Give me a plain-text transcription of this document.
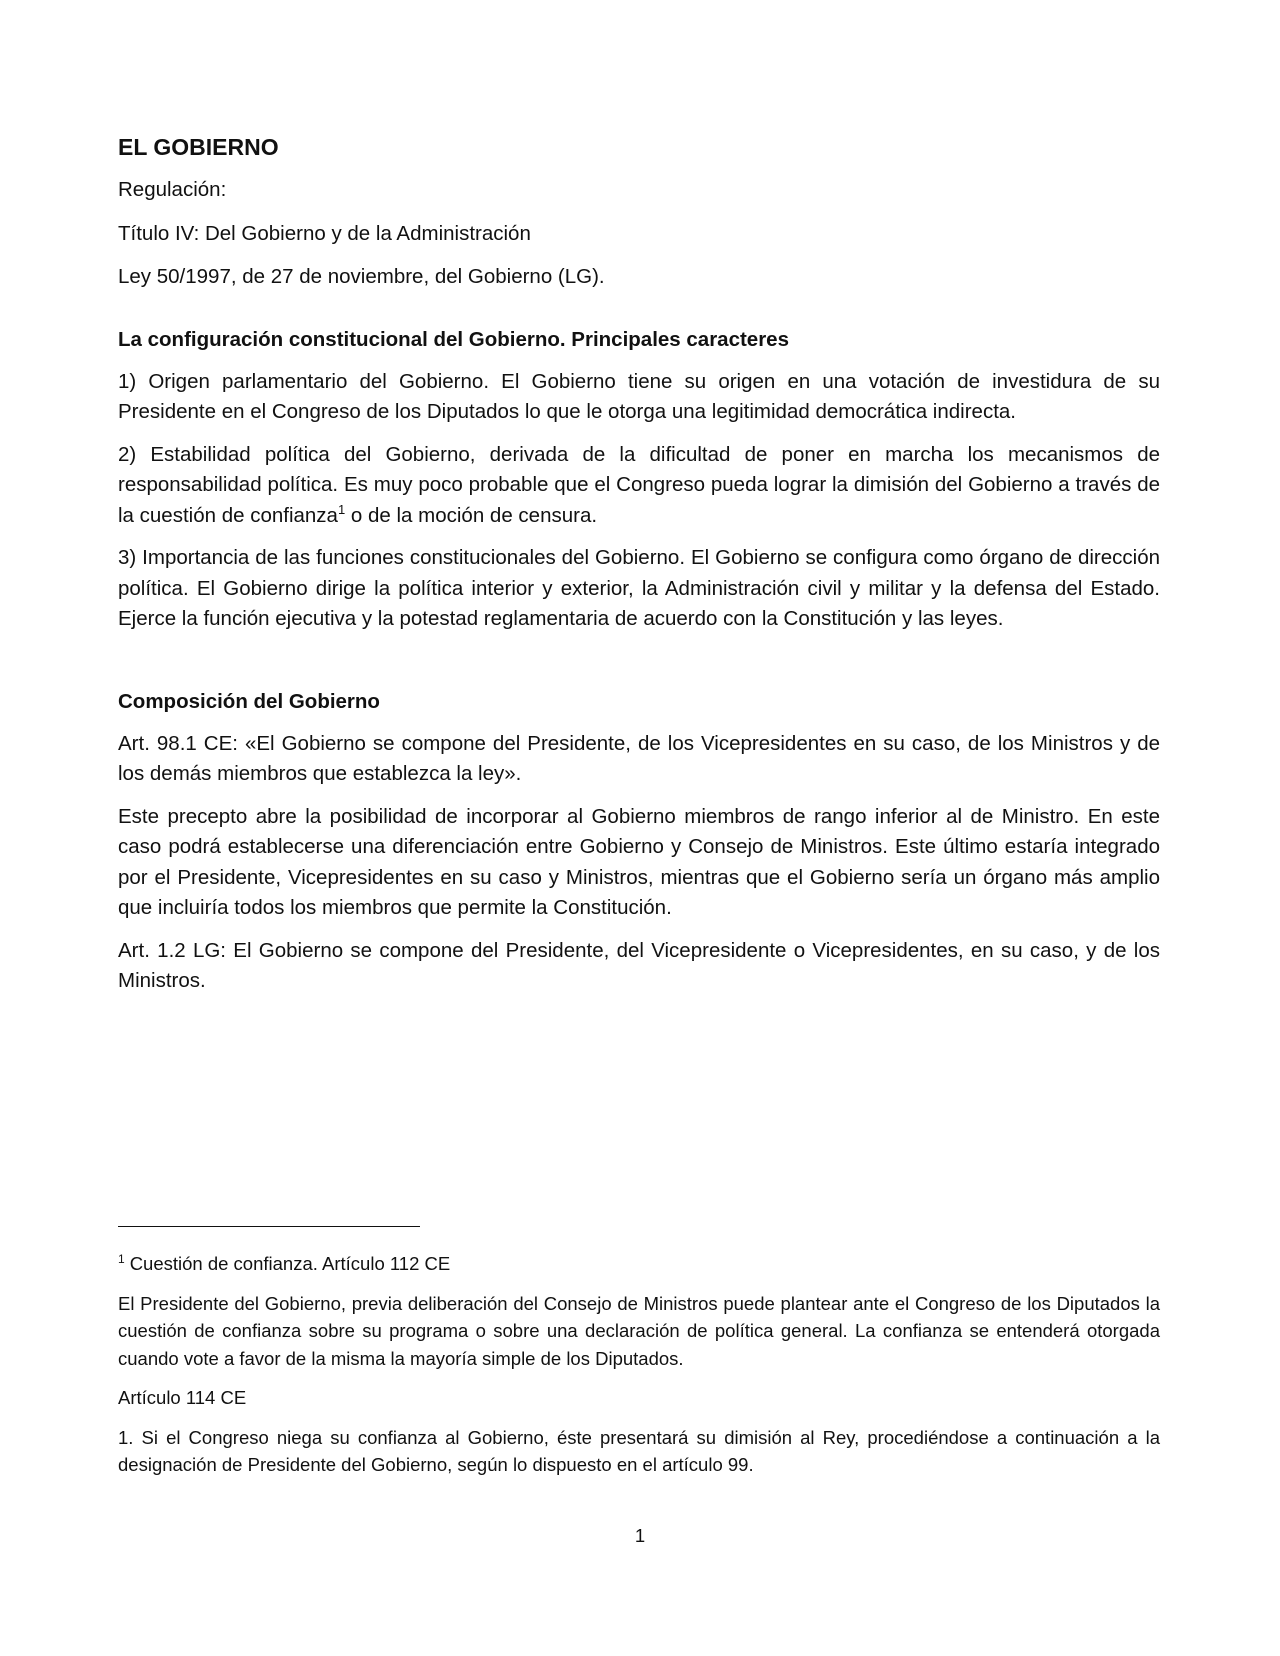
EL GOBIERNO

Regulación:

Título IV: Del Gobierno y de la Administración

Ley 50/1997, de 27 de noviembre, del Gobierno (LG).

La configuración constitucional del Gobierno. Principales caracteres

1) Origen parlamentario del Gobierno. El Gobierno tiene su origen en una votación de investidura de su Presidente en el Congreso de los Diputados lo que le otorga una legitimidad democrática indirecta.

2) Estabilidad política del Gobierno, derivada de la dificultad de poner en marcha los mecanismos de responsabilidad política. Es muy poco probable que el Congreso pueda lograr la dimisión del Gobierno a través de la cuestión de confianza$^1$ o de la moción de censura.

3) Importancia de las funciones constitucionales del Gobierno. El Gobierno se configura como órgano de dirección política. El Gobierno dirige la política interior y exterior, la Administración civil y militar y la defensa del Estado. Ejerce la función ejecutiva y la potestad reglamentaria de acuerdo con la Constitución y las leyes.

Composición del Gobierno

Art. 98.1 CE: «El Gobierno se compone del Presidente, de los Vicepresidentes en su caso, de los Ministros y de los demás miembros que establezca la ley».

Este precepto abre la posibilidad de incorporar al Gobierno miembros de rango inferior al de Ministro. En este caso podrá establecerse una diferenciación entre Gobierno y Consejo de Ministros. Este último estaría integrado por el Presidente, Vicepresidentes en su caso y Ministros, mientras que el Gobierno sería un órgano más amplio que incluiría todos los miembros que permite la Constitución.

Art. 1.2 LG: El Gobierno se compone del Presidente, del Vicepresidente o Vicepresidentes, en su caso, y de los Ministros.

$^1$ Cuestión de confianza. Artículo 112 CE

El Presidente del Gobierno, previa deliberación del Consejo de Ministros puede plantear ante el Congreso de los Diputados la cuestión de confianza sobre su programa o sobre una declaración de política general. La confianza se entenderá otorgada cuando vote a favor de la misma la mayoría simple de los Diputados.

Artículo 114 CE

1. Si el Congreso niega su confianza al Gobierno, éste presentará su dimisión al Rey, procediéndose a continuación a la designación de Presidente del Gobierno, según lo dispuesto en el artículo 99.

1
